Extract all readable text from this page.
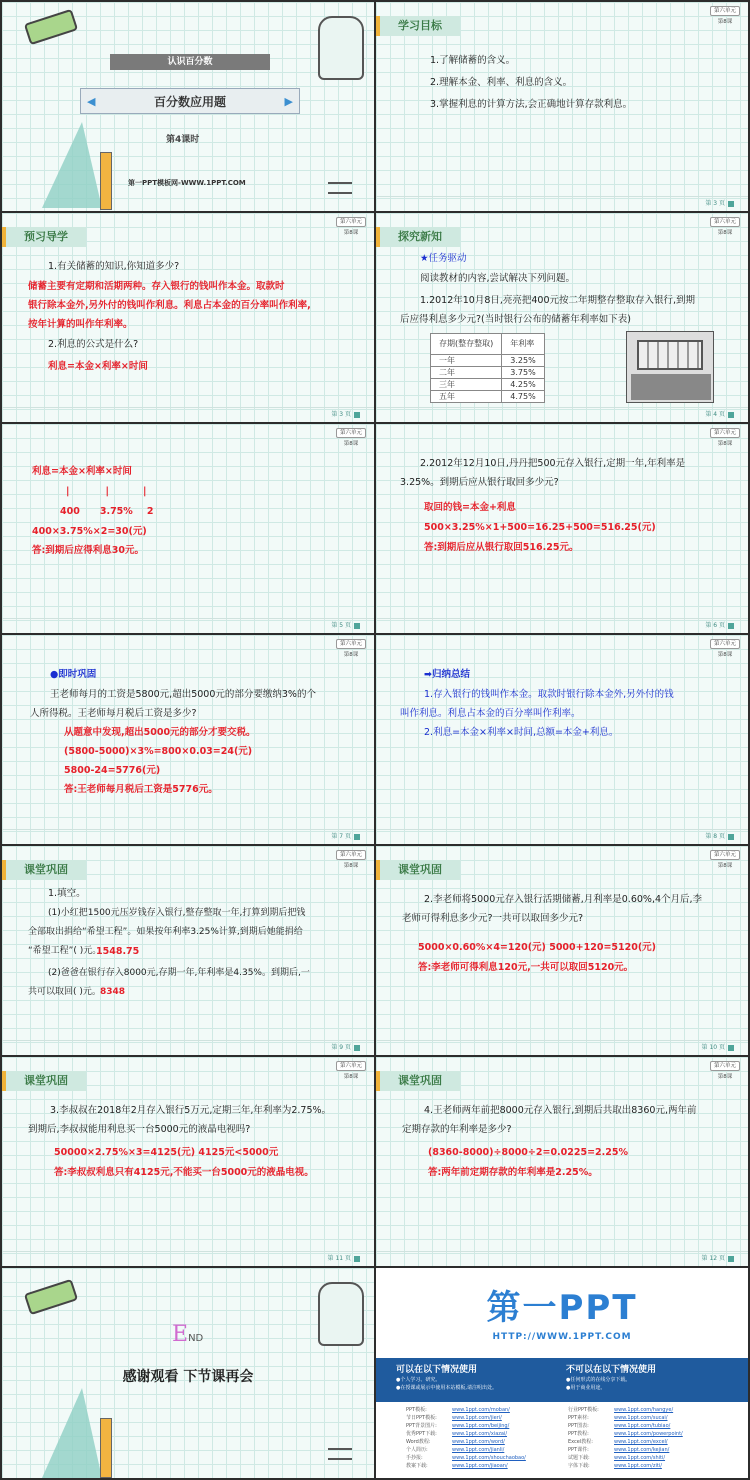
认识百分数
◀	百分数应用题	▶
第4课时
第一PPT模板网-WWW.1PPT.COM
学习目标
第六单元
第8课
1.了解储蓄的含义。
2.理解本金、利率、利息的含义。
3.掌握利息的计算方法,会正确地计算存款利息。
第 3 页
预习导学
第六单元
第8课
1.有关储蓄的知识,你知道多少?
储蓄主要有定期和活期两种。存入银行的钱叫作本金。取款时
银行除本金外,另外付的钱叫作利息。利息占本金的百分率叫作利率,
按年计算的叫作年利率。
2.利息的公式是什么?
利息=本金×利率×时间
第 3 页
探究新知
第六单元
第8课
★任务驱动
阅读教材的内容,尝试解决下列问题。
1.2012年10月8日,亮亮把400元按二年期整存整取存入银行,到期
后应得利息多少元?(当时银行公布的储蓄年利率如下表)
存期(整存整取)	年利率
一年	3.25%
二年	3.75%
三年	4.25%
五年	4.75%
第 4 页
第六单元
第8课
利息=本金×利率×时间
|	|	|
400 3.75% 2
400×3.75%×2=30(元)
答:到期后应得利息30元。
第 5 页
第六单元
第8课
2.2012年12月10日,丹丹把500元存入银行,定期一年,年利率是
3.25%。到期后应从银行取回多少元?
取回的钱=本金+利息
500×3.25%×1+500=16.25+500=516.25(元)
答:到期后应从银行取回516.25元。
第 6 页
第六单元
第8课
●即时巩固
王老师每月的工资是5800元,超出5000元的部分要缴纳3%的个
人所得税。王老师每月税后工资是多少?
从题意中发现,超出5000元的部分才要交税。
(5800-5000)×3%=800×0.03=24(元)
5800-24=5776(元)
答:王老师每月税后工资是5776元。
第 7 页
第六单元
第8课
➡归纳总结
1.存入银行的钱叫作本金。取款时银行除本金外,另外付的钱
叫作利息。利息占本金的百分率叫作利率。
2.利息=本金×利率×时间,总额=本金+利息。
第 8 页
课堂巩固
第六单元
第8课
1.填空。
(1)小红把1500元压岁钱存入银行,整存整取一年,打算到期后把钱
全部取出捐给“希望工程”。如果按年利率3.25%计算,到期后她能捐给
“希望工程”( )元。
1548.75
(2)爸爸在银行存入8000元,存期一年,年利率是4.35%。到期后,一
共可以取回( )元。 8348
第 9 页
课堂巩固
第六单元
第8课
2.李老师将5000元存入银行活期储蓄,月利率是0.60%,4个月后,李
老师可得利息多少元?一共可以取回多少元?
5000×0.60%×4=120(元) 5000+120=5120(元)
答:李老师可得利息120元,一共可以取回5120元。
第 10 页
课堂巩固
第六单元
第8课
3.李叔叔在2018年2月存入银行5万元,定期三年,年利率为2.75%。
到期后,李叔叔能用利息买一台5000元的液晶电视吗?
50000×2.75%×3=4125(元) 4125元<5000元
答:李叔叔利息只有4125元,不能买一台5000元的液晶电视。
第 11 页
课堂巩固
第六单元
第8课
4.王老师两年前把8000元存入银行,到期后共取出8360元,两年前
定期存款的年利率是多少?
(8360-8000)÷8000÷2=0.0225=2.25%
答:两年前定期存款的年利率是2.25%。
第 12 页
END
感谢观看 下节课再会
第一PPT
HTTP://WWW.1PPT.COM
可以在以下情况使用
●个人学习、研究。
●在授课或展示中使用本站模板,请注明出处。
不可以在以下情况使用
●任何形式的在线分享下载。
●用于商业用途。
PPT模板:	www.1ppt.com/moban/
节日PPT模板:	www.1ppt.com/jieri/
PPT背景图片:	www.1ppt.com/beijing/
优秀PPT下载:	www.1ppt.com/xiazai/
Word教程:	www.1ppt.com/word/
个人简历:	www.1ppt.com/jianli/
手抄报:	www.1ppt.com/shouchaobao/
教案下载:	www.1ppt.com/jiaoan/
行业PPT模板:	www.1ppt.com/hangye/
PPT素材:	www.1ppt.com/sucai/
PPT图表:	www.1ppt.com/tubiao/
PPT教程:	www.1ppt.com/powerpoint/
Excel教程:	www.1ppt.com/excel/
PPT课件:	www.1ppt.com/kejian/
试题下载:	www.1ppt.com/shiti/
字体下载:	www.1ppt.com/ziti/
